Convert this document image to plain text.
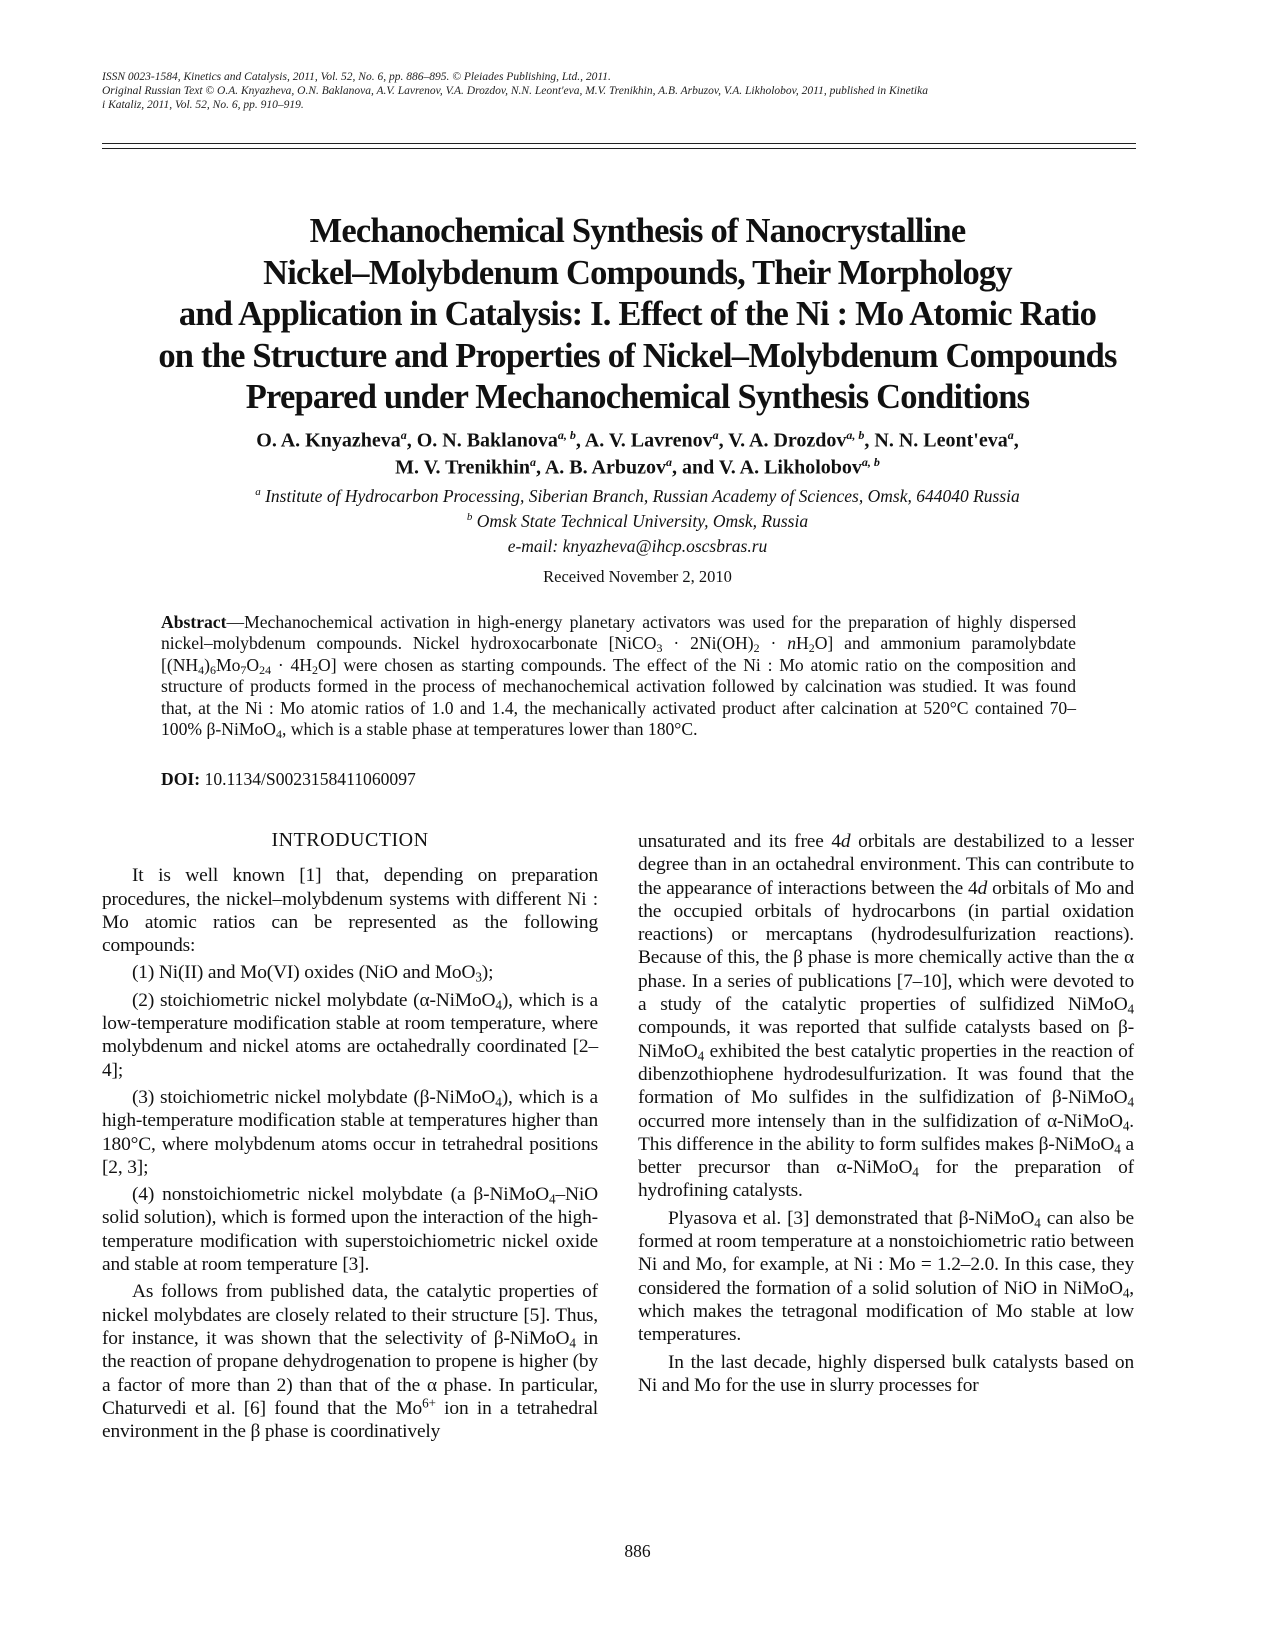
ISSN 0023-1584, Kinetics and Catalysis, 2011, Vol. 52, No. 6, pp. 886–895. © Pleiades Publishing, Ltd., 2011.
Original Russian Text © O.A. Knyazheva, O.N. Baklanova, A.V. Lavrenov, V.A. Drozdov, N.N. Leont'eva, M.V. Trenikhin, A.B. Arbuzov, V.A. Likholobov, 2011, published in Kinetika
i Kataliz, 2011, Vol. 52, No. 6, pp. 910–919.
Mechanochemical Synthesis of Nanocrystalline
Nickel–Molybdenum Compounds, Their Morphology
and Application in Catalysis: I. Effect of the Ni : Mo Atomic Ratio
on the Structure and Properties of Nickel–Molybdenum Compounds
Prepared under Mechanochemical Synthesis Conditions
O. A. Knyazheva$^a$, O. N. Baklanova$^{a, b}$, A. V. Lavrenov$^a$, V. A. Drozdov$^{a, b}$, N. N. Leont'eva$^a$,
M. V. Trenikhin$^a$, A. B. Arbuzov$^a$, and V. A. Likholobov$^{a, b}$
$^a$ Institute of Hydrocarbon Processing, Siberian Branch, Russian Academy of Sciences, Omsk, 644040 Russia
$^b$ Omsk State Technical University, Omsk, Russia
e-mail: knyazheva@ihcp.oscsbras.ru
Received November 2, 2010
Abstract—Mechanochemical activation in high-energy planetary activators was used for the preparation of highly dispersed nickel–molybdenum compounds. Nickel hydroxocarbonate [NiCO$_3$ · $2Ni(OH)_2 \cdot nH_2O$] and ammonium paramolybdate $[(NH_4)_6Mo_7O_{24} \cdot 4H_2O]$ were chosen as starting compounds. The effect of the Ni : Mo atomic ratio on the composition and structure of products formed in the process of mechanochemical activation followed by calcination was studied. It was found that, at the Ni : Mo atomic ratios of 1.0 and 1.4, the mechanically activated product after calcination at 520°C contained 70–100% β-NiMoO$_4$, which is a stable phase at temperatures lower than 180°C.
DOI: 10.1134/S0023158411060097
INTRODUCTION

It is well known [1] that, depending on preparation procedures, the nickel–molybdenum systems with different Ni : Mo atomic ratios can be represented as the following compounds:

(1) Ni(II) and Mo(VI) oxides (NiO and MoO$_3$);

(2) stoichiometric nickel molybdate (α-NiMoO$_4$), which is a low-temperature modification stable at room temperature, where molybdenum and nickel atoms are octahedrally coordinated [2–4];

(3) stoichiometric nickel molybdate (β-NiMoO$_4$), which is a high-temperature modification stable at temperatures higher than 180°C, where molybdenum atoms occur in tetrahedral positions [2, 3];

(4) nonstoichiometric nickel molybdate (a β-NiMoO$_4$–NiO solid solution), which is formed upon the interaction of the high-temperature modification with superstoichiometric nickel oxide and stable at room temperature [3].

As follows from published data, the catalytic properties of nickel molybdates are closely related to their structure [5]. Thus, for instance, it was shown that the selectivity of β-NiMoO$_4$ in the reaction of propane dehydrogenation to propene is higher (by a factor of more than 2) than that of the α phase. In particular, Chaturvedi et al. [6] found that the $Mo^{6+}$ ion in a tetrahedral environment in the β phase is coordinatively

unsaturated and its free 4d orbitals are destabilized to a lesser degree than in an octahedral environment. This can contribute to the appearance of interactions between the 4d orbitals of Mo and the occupied orbitals of hydrocarbons (in partial oxidation reactions) or mercaptans (hydrodesulfurization reactions). Because of this, the β phase is more chemically active than the α phase. In a series of publications [7–10], which were devoted to a study of the catalytic properties of sulfidized NiMoO$_4$ compounds, it was reported that sulfide catalysts based on β-NiMoO$_4$ exhibited the best catalytic properties in the reaction of dibenzothiophene hydrodesulfurization. It was found that the formation of Mo sulfides in the sulfidization of β-NiMoO$_4$ occurred more intensely than in the sulfidization of α-NiMoO$_4$. This difference in the ability to form sulfides makes β-NiMoO$_4$ a better precursor than α-NiMoO$_4$ for the preparation of hydrofining catalysts.

Plyasova et al. [3] demonstrated that β-NiMoO$_4$ can also be formed at room temperature at a nonstoichiometric ratio between Ni and Mo, for example, at Ni : Mo = 1.2–2.0. In this case, they considered the formation of a solid solution of NiO in NiMoO$_4$, which makes the tetragonal modification of Mo stable at low temperatures.

In the last decade, highly dispersed bulk catalysts based on Ni and Mo for the use in slurry processes for

886
